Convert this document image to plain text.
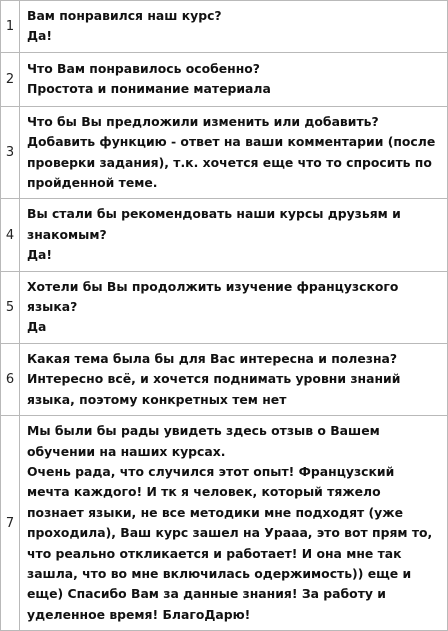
1	Вам понравился наш курс?
Да!

2	Что Вам понравилось особенно?
Простота и понимание материала

3	Что бы Вы предложили изменить или добавить?
Добавить функцию - ответ на ваши комментарии (после проверки задания), т.к. хочется еще что то спросить по пройденной теме.

4	Вы стали бы рекомендовать наши курсы друзьям и знакомым?
Да!

5	Хотели бы Вы продолжить изучение французского языка?
Да

6	Какая тема была бы для Вас интересна и полезна?
Интересно всё, и хочется поднимать уровни знаний языка, поэтому конкретных тем нет

7	Мы были бы рады увидеть здесь отзыв о Вашем обучении на наших курсах.
Очень рада, что случился этот опыт! Французский мечта каждого! И тк я человек, который тяжело познает языки, не все методики мне подходят (уже проходила), Ваш курс зашел на Урааа, это вот прям то, что реально откликается и работает! И она мне так зашла, что во мне включилась одержимость)) еще и еще) Спасибо Вам за данные знания! За работу и уделенное время! БлагоДарю!
